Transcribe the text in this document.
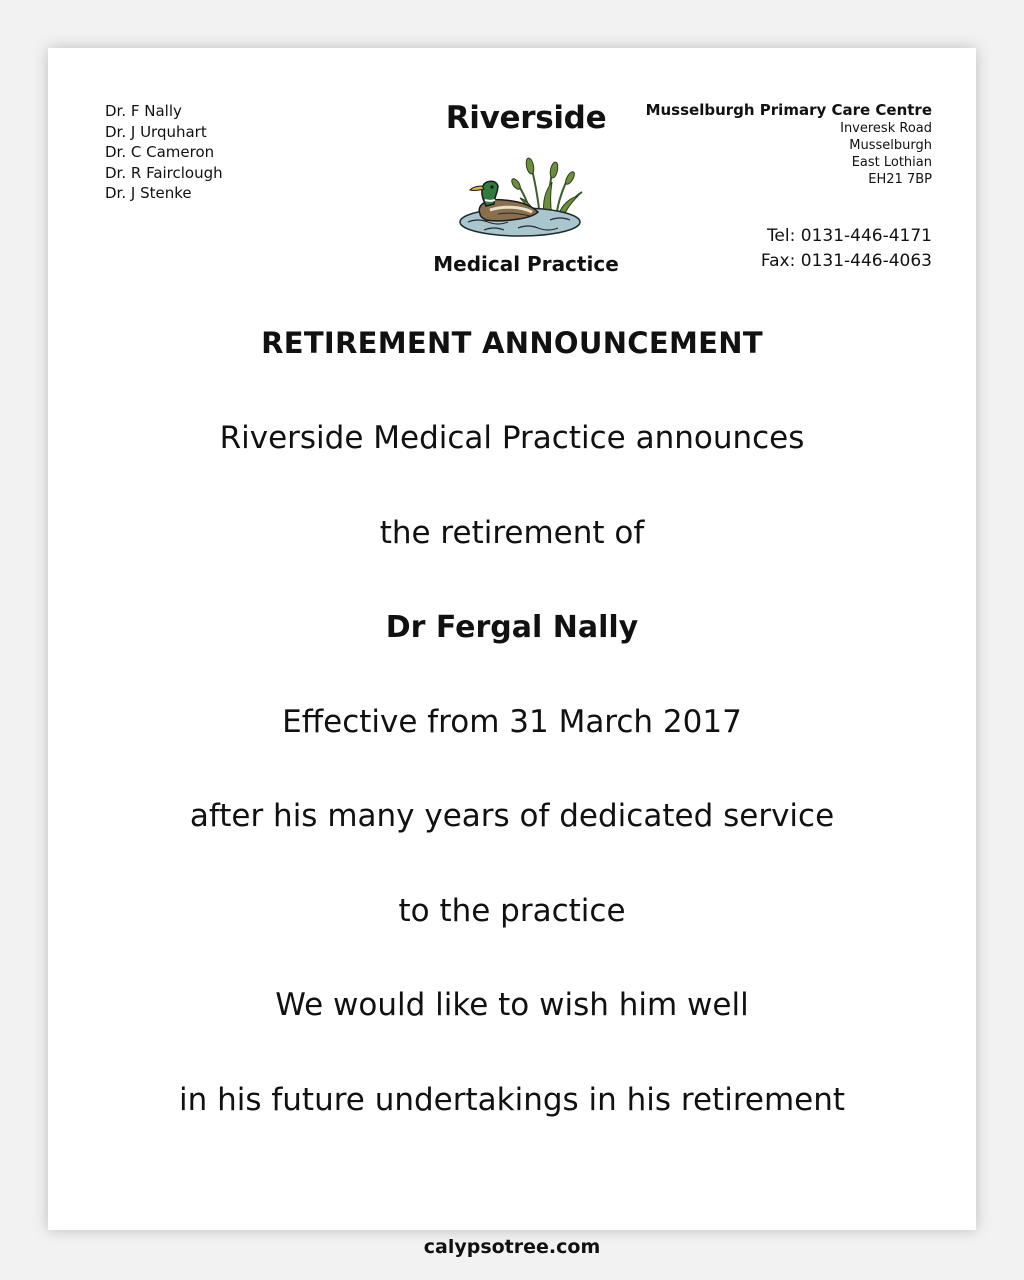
Dr. F Nally
Dr. J Urquhart
Dr. C Cameron
Dr. R Fairclough
Dr. J Stenke
Riverside
Medical Practice
Musselburgh Primary Care Centre
Inveresk Road
Musselburgh
East Lothian
EH21 7BP
Tel: 0131-446-4171
Fax: 0131-446-4063
RETIREMENT ANNOUNCEMENT
Riverside Medical Practice announces
the retirement of
Dr Fergal Nally
Effective from 31 March 2017
after his many years of dedicated service
to the practice
We would like to wish him well
in his future undertakings in his retirement
calypsotree.com
